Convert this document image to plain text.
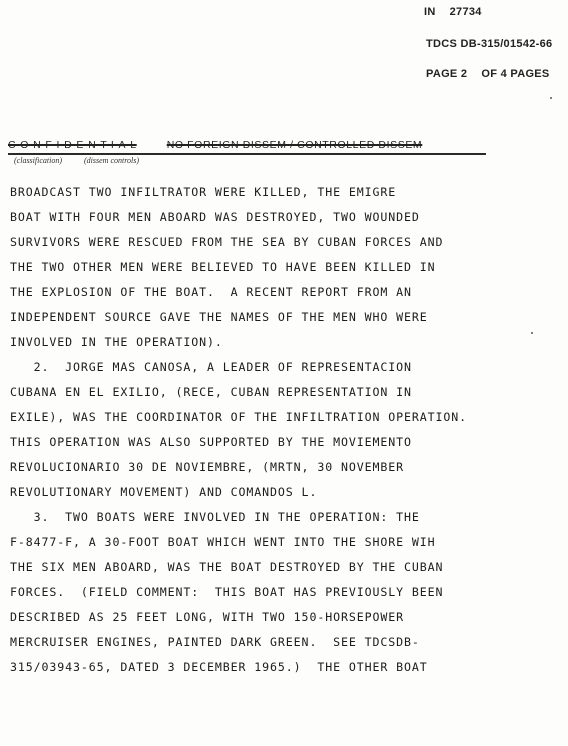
IN 27734
TDCS DB-315/01542-66
PAGE 2 OF 4 PAGES
C-O-N-F-I-D-E-N-T-I-A-L	NO FOREIGN DISSEM / CONTROLLED DISSEM
(classification)	(dissem controls)
BROADCAST TWO INFILTRATOR WERE KILLED, THE EMIGRE
BOAT WITH FOUR MEN ABOARD WAS DESTROYED, TWO WOUNDED
SURVIVORS WERE RESCUED FROM THE SEA BY CUBAN FORCES AND
THE TWO OTHER MEN WERE BELIEVED TO HAVE BEEN KILLED IN
THE EXPLOSION OF THE BOAT.  A RECENT REPORT FROM AN
INDEPENDENT SOURCE GAVE THE NAMES OF THE MEN WHO WERE
INVOLVED IN THE OPERATION).
2.  JORGE MAS CANOSA, A LEADER OF REPRESENTACION
CUBANA EN EL EXILIO, (RECE, CUBAN REPRESENTATION IN
EXILE), WAS THE COORDINATOR OF THE INFILTRATION OPERATION.
THIS OPERATION WAS ALSO SUPPORTED BY THE MOVIEMENTO
REVOLUCIONARIO 30 DE NOVIEMBRE, (MRTN, 30 NOVEMBER
REVOLUTIONARY MOVEMENT) AND COMANDOS L.
3.  TWO BOATS WERE INVOLVED IN THE OPERATION: THE
F-8477-F, A 30-FOOT BOAT WHICH WENT INTO THE SHORE WIH
THE SIX MEN ABOARD, WAS THE BOAT DESTROYED BY THE CUBAN
FORCES.  (FIELD COMMENT:  THIS BOAT HAS PREVIOUSLY BEEN
DESCRIBED AS 25 FEET LONG, WITH TWO 150-HORSEPOWER
MERCRUISER ENGINES, PAINTED DARK GREEN.  SEE TDCSDB-
315/03943-65, DATED 3 DECEMBER 1965.)  THE OTHER BOAT
